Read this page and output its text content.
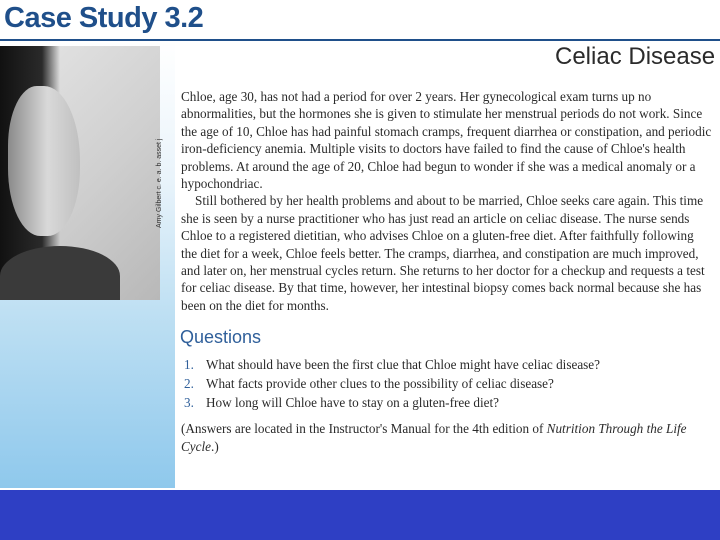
Case Study 3.2
Amy Gilbert c. e. a. b. asset j
Celiac Disease

Chloe, age 30, has not had a period for over 2 years. Her gynecological exam turns up no abnormalities, but the hormones she is given to stimulate her menstrual periods do not work. Since the age of 10, Chloe has had painful stomach cramps, frequent diarrhea or constipation, and periodic iron-deficiency anemia. Multiple visits to doctors have failed to find the cause of Chloe's health problems. At around the age of 20, Chloe had begun to wonder if she was a medical anomaly or a hypochondriac.

Still bothered by her health problems and about to be married, Chloe seeks care again. This time she is seen by a nurse practitioner who has just read an article on celiac disease. The nurse sends Chloe to a registered dietitian, who advises Chloe on a gluten-free diet. After faithfully following the diet for a week, Chloe feels better. The cramps, diarrhea, and constipation are much improved, and later on, her menstrual cycles return. She returns to her doctor for a checkup and requests a test for celiac disease. By that time, however, her intestinal biopsy comes back normal because she has been on the diet for months.

Questions
1. What should have been the first clue that Chloe might have celiac disease?
2. What facts provide other clues to the possibility of celiac disease?
3. How long will Chloe have to stay on a gluten-free diet?
(Answers are located in the Instructor's Manual for the 4th edition of Nutrition Through the Life Cycle.)
